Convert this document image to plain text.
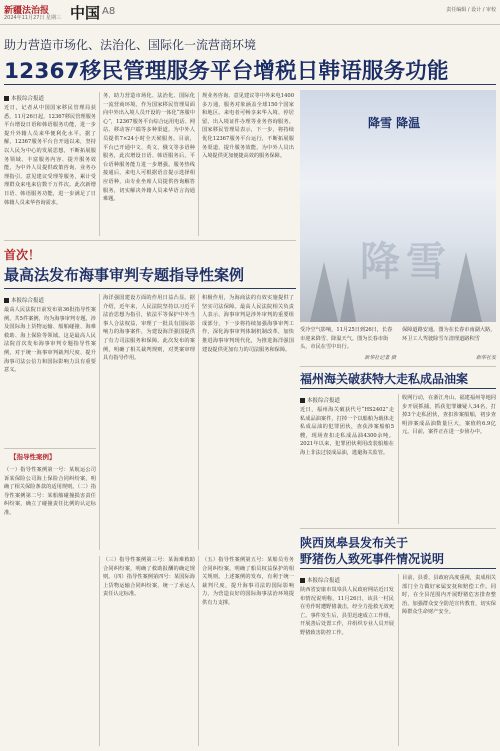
新疆法治报
2024年11月27日 星期三 中国 A8	责任编辑 / 设计 / 审校
助力营造市场化、法治化、国际化一流营商环境
12367移民管理服务平台增税日韩语服务功能
本报综合报道
近日，记者从中国国家移民管理局获悉，11月26日起，12367移民管理服务平台增设日语和韩语服务功能，进一步提升外籍人员来华便利化水平。据了解，12367服务平台自开通以来，坚持以人民为中心的发展思想，不断拓展服务领域、丰富服务内容、提升服务效能，为中外人员提供政策咨询、业务办理指引、意见建议受理等服务，累计受理群众来电来信数千万件次。此次新增日语、韩语服务功能，进一步满足了日韩籍人员来华咨询需求。
务，助力营造市场化、法治化、国际化一流营商环境。作为国家移民管理局面向中外出入境人员开设的一体化“客服中心”，12367服务平台综合运用电话、网站、移动客户端等多种渠道，为中外人员提供7×24小时全天候服务。目前，平台已开通中文、英文、俄文等多语种服务，此次增设日语、韩语服务后，平台语种服务能力进一步增强。服务热线接通后，来电人可根据语音提示选择相应语种，由专业坐席人员提供咨询解答服务，切实解决外籍人员来华语言沟通难题。
规业务咨询、意见建议等中外来电1400多万通，服务对象涵盖全球150个国家和地区。来电者可畅享来华入境、停居留、出入境证件办理等业务咨询服务。国家移民管理局表示，下一步，将持续优化12367服务平台运行，不断拓展服务渠道、提升服务效能，为中外人员出入境提供更加便捷高效的服务保障。
降雪 降温
降雪
首次！
最高法发布海事审判专题指导性案例
本报综合报道
最高人民法院日前发布第36批指导性案例，共5件案例，均为海事审判专题，涉及国际海上货物运输、船舶碰撞、海难救助、海上保险等领域。这是最高人民法院首次发布海事审判专题指导性案例，对于统一海事审判裁判尺度、提升海事司法公信力和国际影响力具有重要意义。
海洋强国建设方面的作用日益凸显。据介绍，近年来，人民法院坚持以习近平法治思想为指引，依法平等保护中外当事人合法权益，审理了一批具有国际影响力的海事案件，为建设海洋强国提供了有力司法服务和保障。此次发布的案例，明确了相关裁判规则，对类案审理具有指导作用。
积极作用，为海商法的有效实施提供了坚实司法保障。最高人民法院相关负责人表示，海事审判是涉外审判的重要组成部分，下一步将持续加强海事审判工作，深化海事审判体制机制改革，加快推进海事审判现代化，为推进海洋强国建设提供更加有力的司法服务和保障。
【指导性案例】
（一）指导性案例第一号：某航运公司诉某保险公司海上保险合同纠纷案，明确了相关保险条款的适用规则。（二）指导性案例第二号：某船舶碰撞损害责任纠纷案，确立了碰撞责任比例的认定标准。
（三）指导性案例第三号：某海难救助合同纠纷案，明确了救助报酬的确定规则。（四）指导性案例第四号：某国际海上货物运输合同纠纷案，统一了承运人责任认定标准。
（五）指导性案例第五号：某船员劳务合同纠纷案，明确了船员权益保护的相关规则。上述案例的发布，有利于统一裁判尺度，提升海事司法的国际影响力，为营造良好的国际海事法治环境提供有力支撑。
受冷空气影响，11月25日到26日，长春市迎来降雪、降温天气。图为长春市街头，市民在雪中出行。
新华社记者 摄
保障道路安通。图为在长春市南湖大路，环卫工人驾驶除雪车清理道路积雪
新华社发
福州海关破获特大走私成品油案
本报综合报道
近日，福州海关破获代号“HS2402”走私成品油案件，打掉一个以船舶为载体走私成品油的犯罪团伙，查获涉案船舶5艘，现场查扣走私成品油4300余吨。2021年以来，犯罪团伙利用改装船舶在海上非法过驳成品油，逃避海关监管。
收网行动，在浙江舟山、福建福州等地同步开展抓捕，抓获犯罪嫌疑人34名，打掉3个走私团伙，查扣涉案船舶，初步查明涉案成品油数量巨大，案值约6.9亿元。目前，案件正在进一步侦办中。
陕西岚皋县发布关于
野猪伤人致死事件情况说明
本报综合报道
陕西省安康市岚皋县人民政府网站近日发布情况说明称，11月26日，该县一村民在劳作时遭野猪袭击，经全力抢救无效死亡。事件发生后，县里迅速成立工作组，开展善后处置工作，并组织专业人员开展野猪致害防控工作。
目前，县委、县政府高度重视，责成相关部门全力做好家属安抚和赔偿工作。同时，在全县范围内开展野猪危害排查整治，加强群众安全防范宣传教育，切实保障群众生命财产安全。
